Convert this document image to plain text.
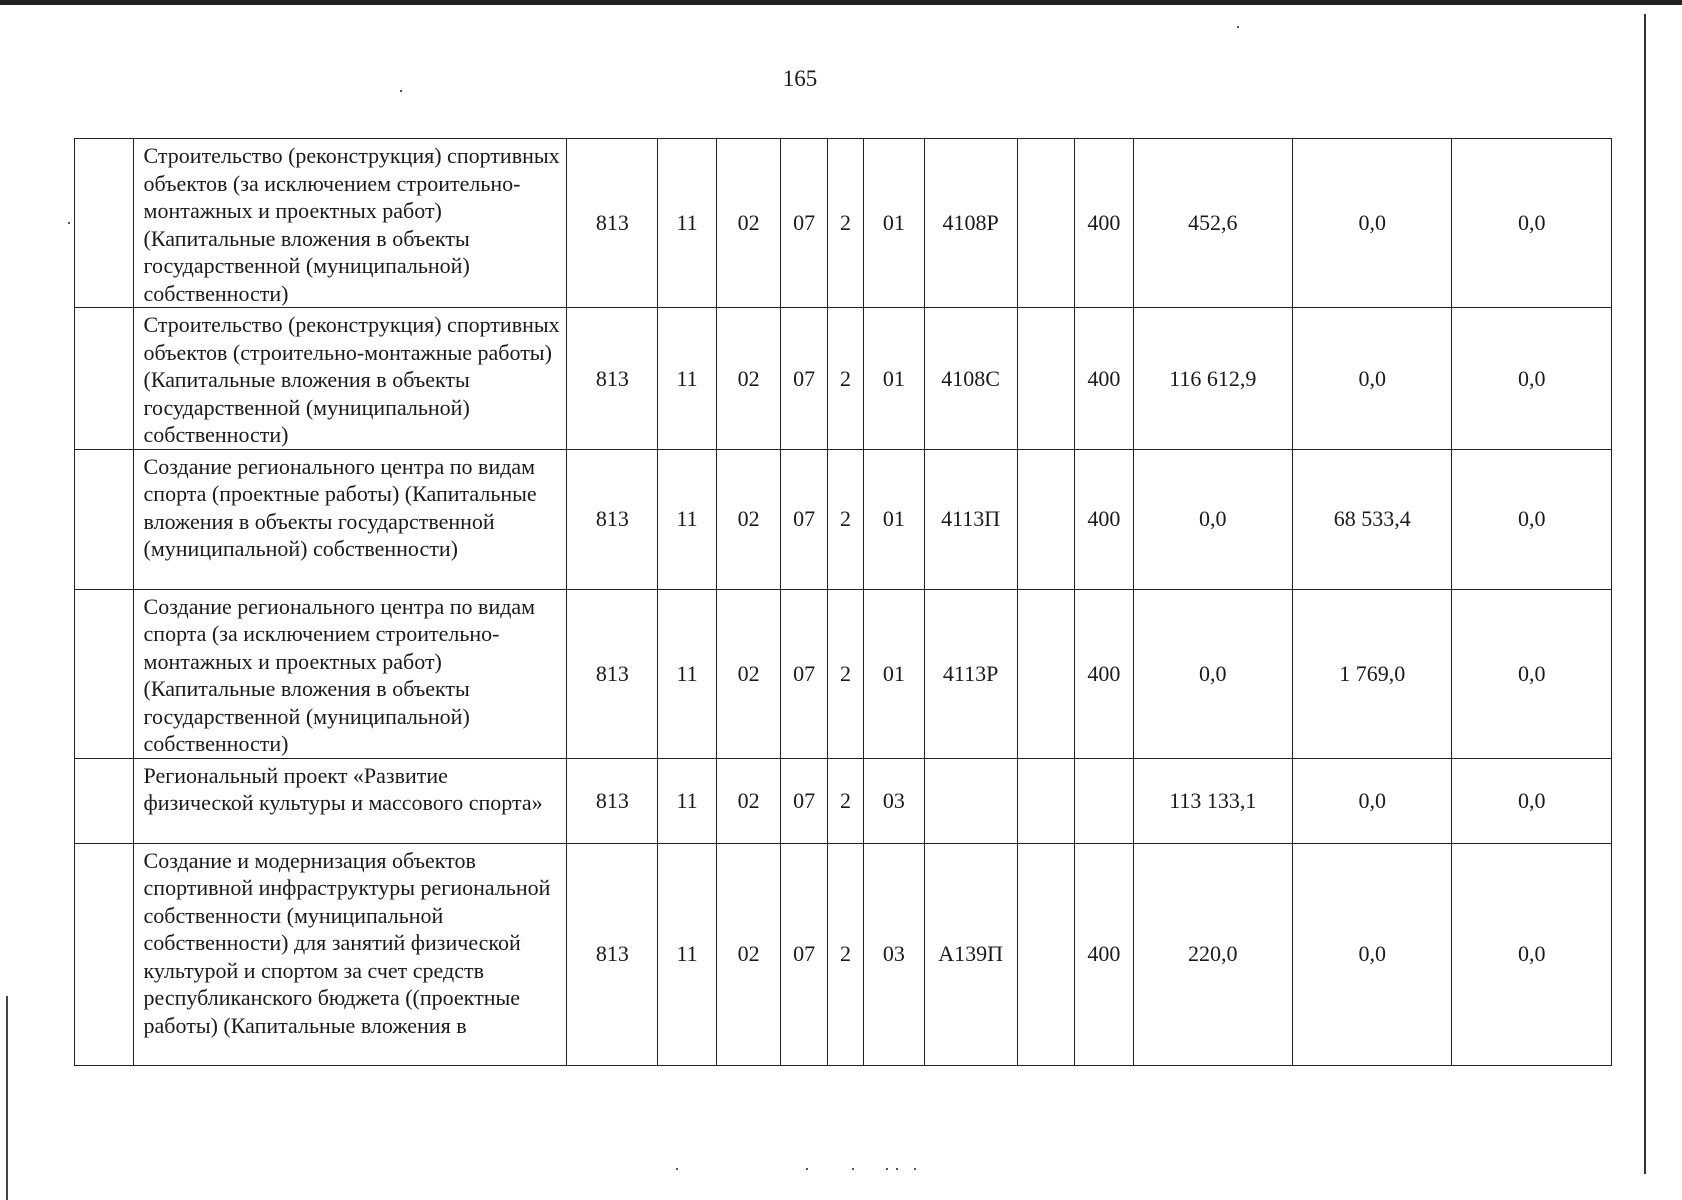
165
	Строительство (реконструкция) спортивных объектов (за исключением строительно-монтажных и проектных работ) (Капитальные вложения в объекты государственной (муниципальной) собственности)	813	11	02	07	2	01	4108Р		400	452,6	0,0	0,0
	Строительство (реконструкция) спортивных объектов (строительно-монтажные работы) (Капитальные вложения в объекты государственной (муниципальной) собственности)	813	11	02	07	2	01	4108С		400	116 612,9	0,0	0,0
	Создание регионального центра по видам спорта (проектные работы) (Капитальные вложения в объекты государственной (муниципальной) собственности)	813	11	02	07	2	01	4113П		400	0,0	68 533,4	0,0
	Создание регионального центра по видам спорта (за исключением строительно-монтажных и проектных работ) (Капитальные вложения в объекты государственной (муниципальной) собственности)	813	11	02	07	2	01	4113Р		400	0,0	1 769,0	0,0
	Региональный проект «Развитие физической культуры и массового спорта»	813	11	02	07	2	03				113 133,1	0,0	0,0
	Создание и модернизация объектов спортивной инфраструктуры региональной собственности (муниципальной собственности) для занятий физической культурой и спортом за счет средств республиканского бюджета ((проектные работы) (Капитальные вложения в	813	11	02	07	2	03	А139П		400	220,0	0,0	0,0
